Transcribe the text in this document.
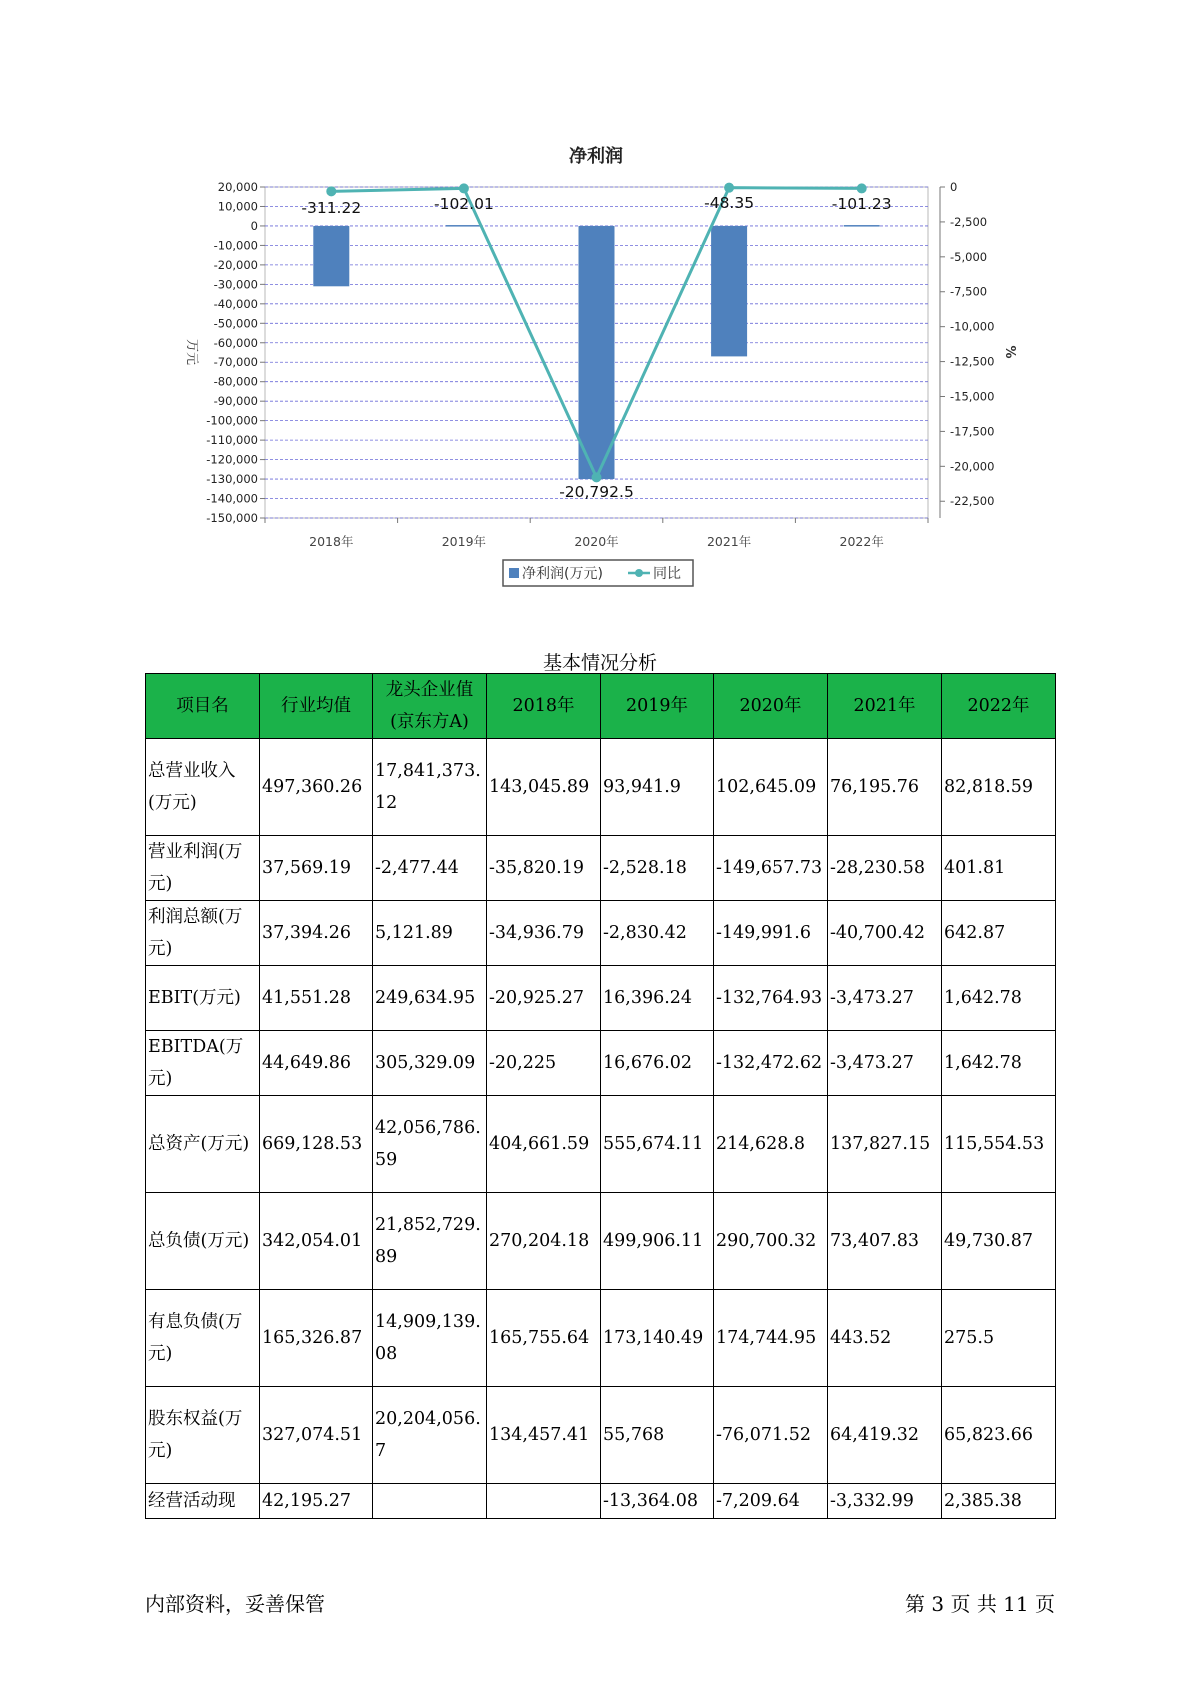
20,000
10,000
0
-10,000
-20,000
-30,000
-40,000
-50,000
-60,000
-70,000
-80,000
-90,000
-100,000
-110,000
-120,000
-130,000
-140,000
-150,000
0
-2,500
-5,000
-7,500
-10,000
-12,500
-15,000
-17,500
-20,000
-22,500
2018年	2019年	2020年	2021年	2022年
-311.22	-102.01
-20,792.5
-48.35	-101.23
净利润
万元	%
净利润(万元)	同比
基本情况分析
项目名	行业均值	龙头企业值(京东方A)	2018年	2019年	2020年	2021年	2022年
总营业收入(万元)	497,360.26	17,841,373.12	143,045.89	93,941.9	102,645.09	76,195.76	82,818.59
营业利润(万元)	37,569.19	-2,477.44	-35,820.19	-2,528.18	-149,657.73	-28,230.58	401.81
利润总额(万元)	37,394.26	5,121.89	-34,936.79	-2,830.42	-149,991.6	-40,700.42	642.87
EBIT(万元)	41,551.28	249,634.95	-20,925.27	16,396.24	-132,764.93	-3,473.27	1,642.78
EBITDA(万元)	44,649.86	305,329.09	-20,225	16,676.02	-132,472.62	-3,473.27	1,642.78
总资产(万元)	669,128.53	42,056,786.59	404,661.59	555,674.11	214,628.8	137,827.15	115,554.53
总负债(万元)	342,054.01	21,852,729.89	270,204.18	499,906.11	290,700.32	73,407.83	49,730.87
有息负债(万元)	165,326.87	14,909,139.08	165,755.64	173,140.49	174,744.95	443.52	275.5
股东权益(万元)	327,074.51	20,204,056.7	134,457.41	55,768	-76,071.52	64,419.32	65,823.66
经营活动现	42,195.27			-13,364.08	-7,209.64	-3,332.99	2,385.38
内部资料，妥善保管	第 3 页 共 11 页
